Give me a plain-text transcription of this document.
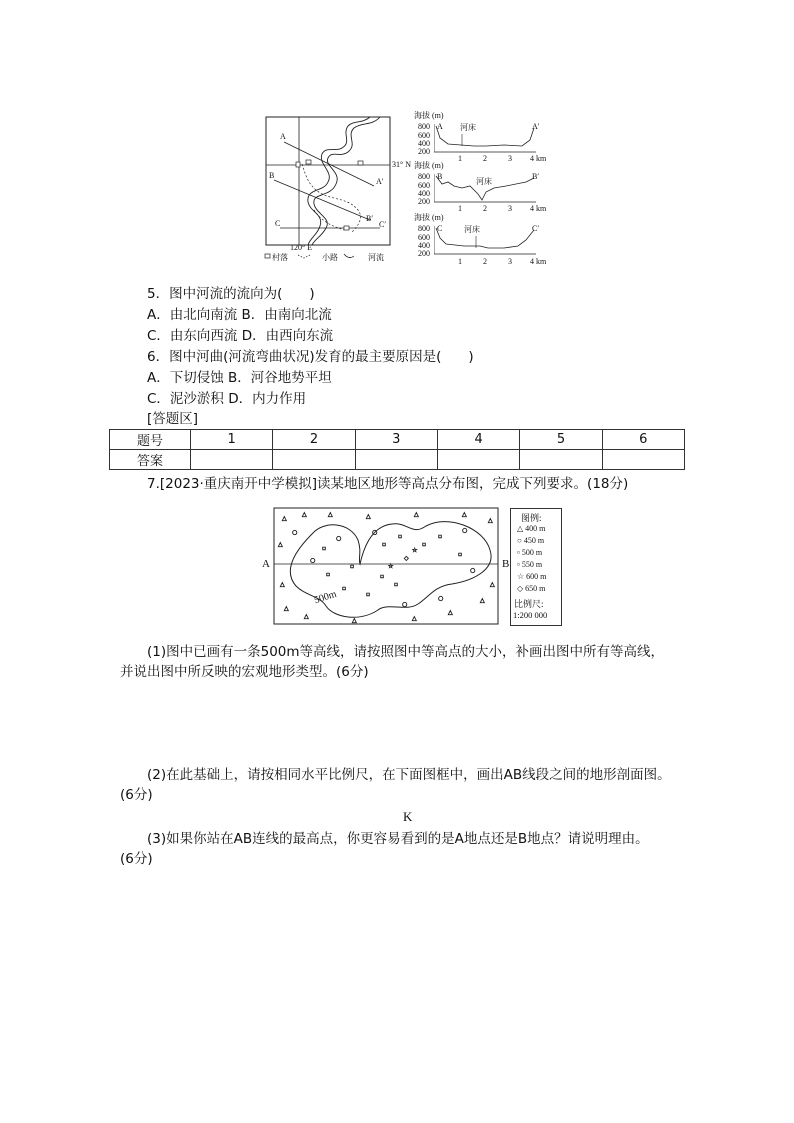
A
A′
B
B′
C	C′
120° E
村落	小路	河流
31° N
海拔 (m)
800
600
400
200
A	A′
河床
1	2	3 4 km
海拔 (m)
800
600
400
200
B	B′
河床
1	2	3 4 km
海拔 (m)
800
600
400
200
C	C′
河床
1	2	3 4 km
5．图中河流的流向为(　　)
A．由北向南流 B．由南向北流
C．由东向西流 D．由西向东流
6．图中河曲(河流弯曲状况)发育的最主要原因是(　　)
A．下切侵蚀 B．河谷地势平坦
C．泥沙淤积 D．内力作用
[答题区]
题号	1	2	3	4	5	6
答案						
7.[2023·重庆南开中学模拟]读某地区地形等高点分布图，完成下列要求。(18分)
△
△	△	△	△	△
△
△
△
△
△
△	△
△
△
△
○
○	○	○
○
▫
○
▫
▫
▫
▫
☆
◇
▫
▫
▫
▫
▫
▫
▫
○
○
☆
A	B
500m
图例:
△ 400 m
○ 450 m
▫ 500 m
▫ 550 m
☆ 600 m
◇ 650 m
比例尺:
1:200 000
(1)图中已画有一条500m等高线，请按照图中等高点的大小，补画出图中所有等高线，
并说出图中所反映的宏观地形类型。(6分)
(2)在此基础上，请按相同水平比例尺，在下面图框中，画出AB线段之间的地形剖面图。
(6分)
K
(3)如果你站在AB连线的最高点，你更容易看到的是A地点还是B地点？请说明理由。
(6分)
